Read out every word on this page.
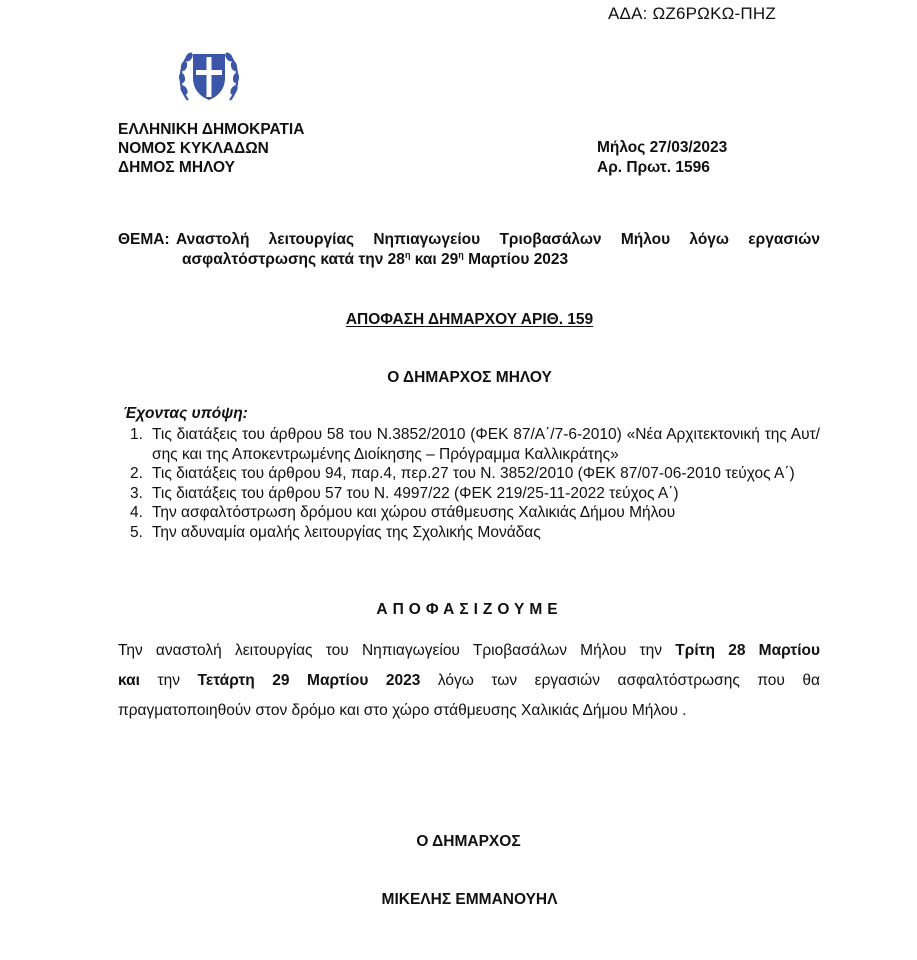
ΑΔΑ: ΩΖ6ΡΩΚΩ-ΠΗΖ
ΕΛΛΗΝΙΚΗ ΔΗΜΟΚΡΑΤΙΑ
ΝΟΜΟΣ ΚΥΚΛΑΔΩΝ
ΔΗΜΟΣ ΜΗΛΟΥ
Μήλος 27/03/2023
Αρ. Πρωτ. 1596
ΘΕΜΑ: Αναστολή λειτουργίας Νηπιαγωγείου Τριοβασάλων Μήλου λόγω εργασιών
ασφαλτόστρωσης κατά την $28^\eta$ και $29^\eta$ Μαρτίου 2023
ΑΠΟΦΑΣΗ ΔΗΜΑΡΧΟΥ ΑΡΙΘ. 159
Ο ΔΗΜΑΡΧΟΣ ΜΗΛΟΥ
Έχοντας υπόψη:
1. Τις διατάξεις του άρθρου 58 του Ν.3852/2010 (ΦΕΚ 87/Α΄/7-6-2010) «Νέα Αρχιτεκτονική της Αυτ/σης και της Αποκεντρωμένης Διοίκησης – Πρόγραμμα Καλλικράτης»
2. Τις διατάξεις του άρθρου 94, παρ.4, περ.27 του Ν. 3852/2010 (ΦΕΚ 87/07-06-2010 τεύχος Α΄)
3. Τις διατάξεις του άρθρου 57 του Ν. 4997/22 (ΦΕΚ 219/25-11-2022 τεύχος Α΄)
4. Την ασφαλτόστρωση δρόμου και χώρου στάθμευσης Χαλικιάς Δήμου Μήλου
5. Την αδυναμία ομαλής λειτουργίας της Σχολικής Μονάδας
ΑΠΟΦΑΣΙΖΟΥΜΕ
Την αναστολή λειτουργίας του Νηπιαγωγείου Τριοβασάλων Μήλου την Τρίτη 28 Μαρτίου
και την Τετάρτη 29 Μαρτίου 2023 λόγω των εργασιών ασφαλτόστρωσης που θα
πραγματοποιηθούν στον δρόμο και στο χώρο στάθμευσης Χαλικιάς Δήμου Μήλου .
Ο ΔΗΜΑΡΧΟΣ
ΜΙΚΕΛΗΣ ΕΜΜΑΝΟΥΗΛ
